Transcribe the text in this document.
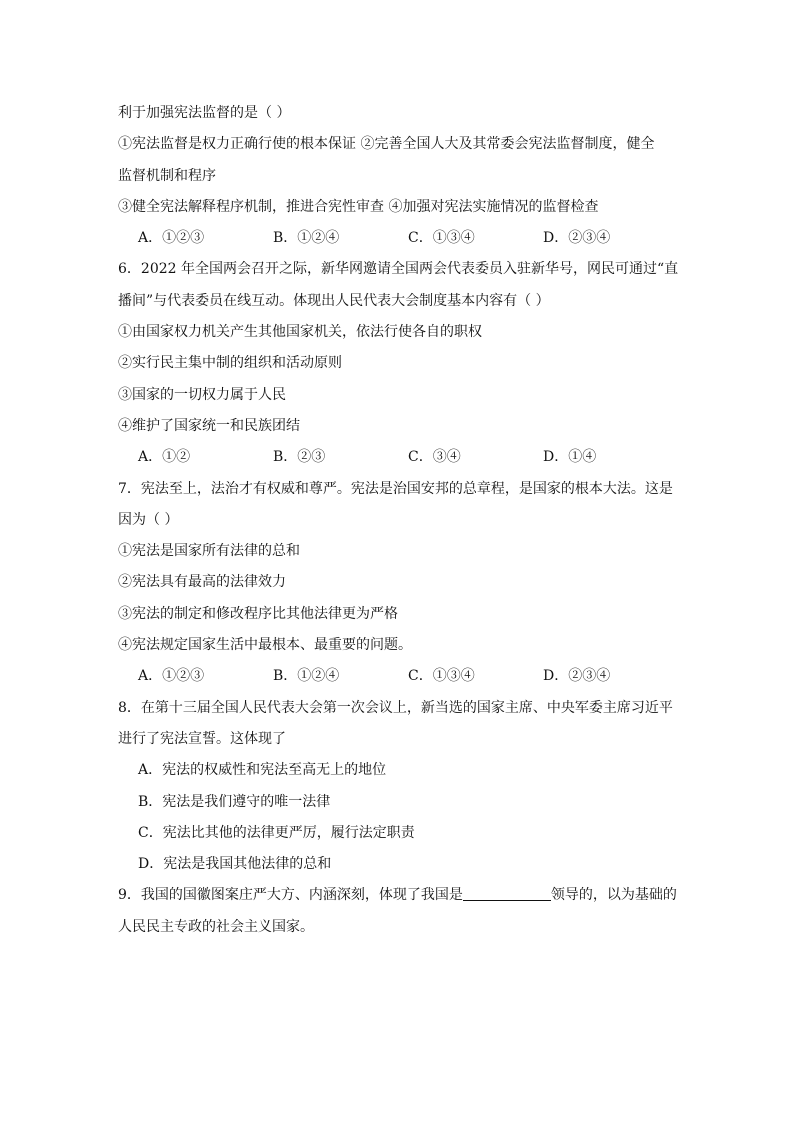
利于加强宪法监督的是（ ）
①宪法监督是权力正确行使的根本保证 ②完善全国人大及其常委会宪法监督制度，健全
监督机制和程序
③健全宪法解释程序机制，推进合宪性审查 ④加强对宪法实施情况的监督检查
A．①②③	B．①②④	C．①③④	D．②③④
6．2022 年全国两会召开之际，新华网邀请全国两会代表委员入驻新华号，网民可通过“直
播间”与代表委员在线互动。体现出人民代表大会制度基本内容有（ ）
①由国家权力机关产生其他国家机关，依法行使各自的职权
②实行民主集中制的组织和活动原则
③国家的一切权力属于人民
④维护了国家统一和民族团结
A．①②	B．②③	C．③④	D．①④
7．宪法至上，法治才有权威和尊严。宪法是治国安邦的总章程，是国家的根本大法。这是
因为（ ）
①宪法是国家所有法律的总和
②宪法具有最高的法律效力
③宪法的制定和修改程序比其他法律更为严格
④宪法规定国家生活中最根本、最重要的问题。
A．①②③	B．①②④	C．①③④	D．②③④
8．在第十三届全国人民代表大会第一次会议上，新当选的国家主席、中央军委主席习近平
进行了宪法宣誓。这体现了
A．宪法的权威性和宪法至高无上的地位
B．宪法是我们遵守的唯一法律
C．宪法比其他的法律更严厉，履行法定职责
D．宪法是我国其他法律的总和
9．我国的国徽图案庄严大方、内涵深刻，体现了我国是	领导的，以为基础的
人民民主专政的社会主义国家。
